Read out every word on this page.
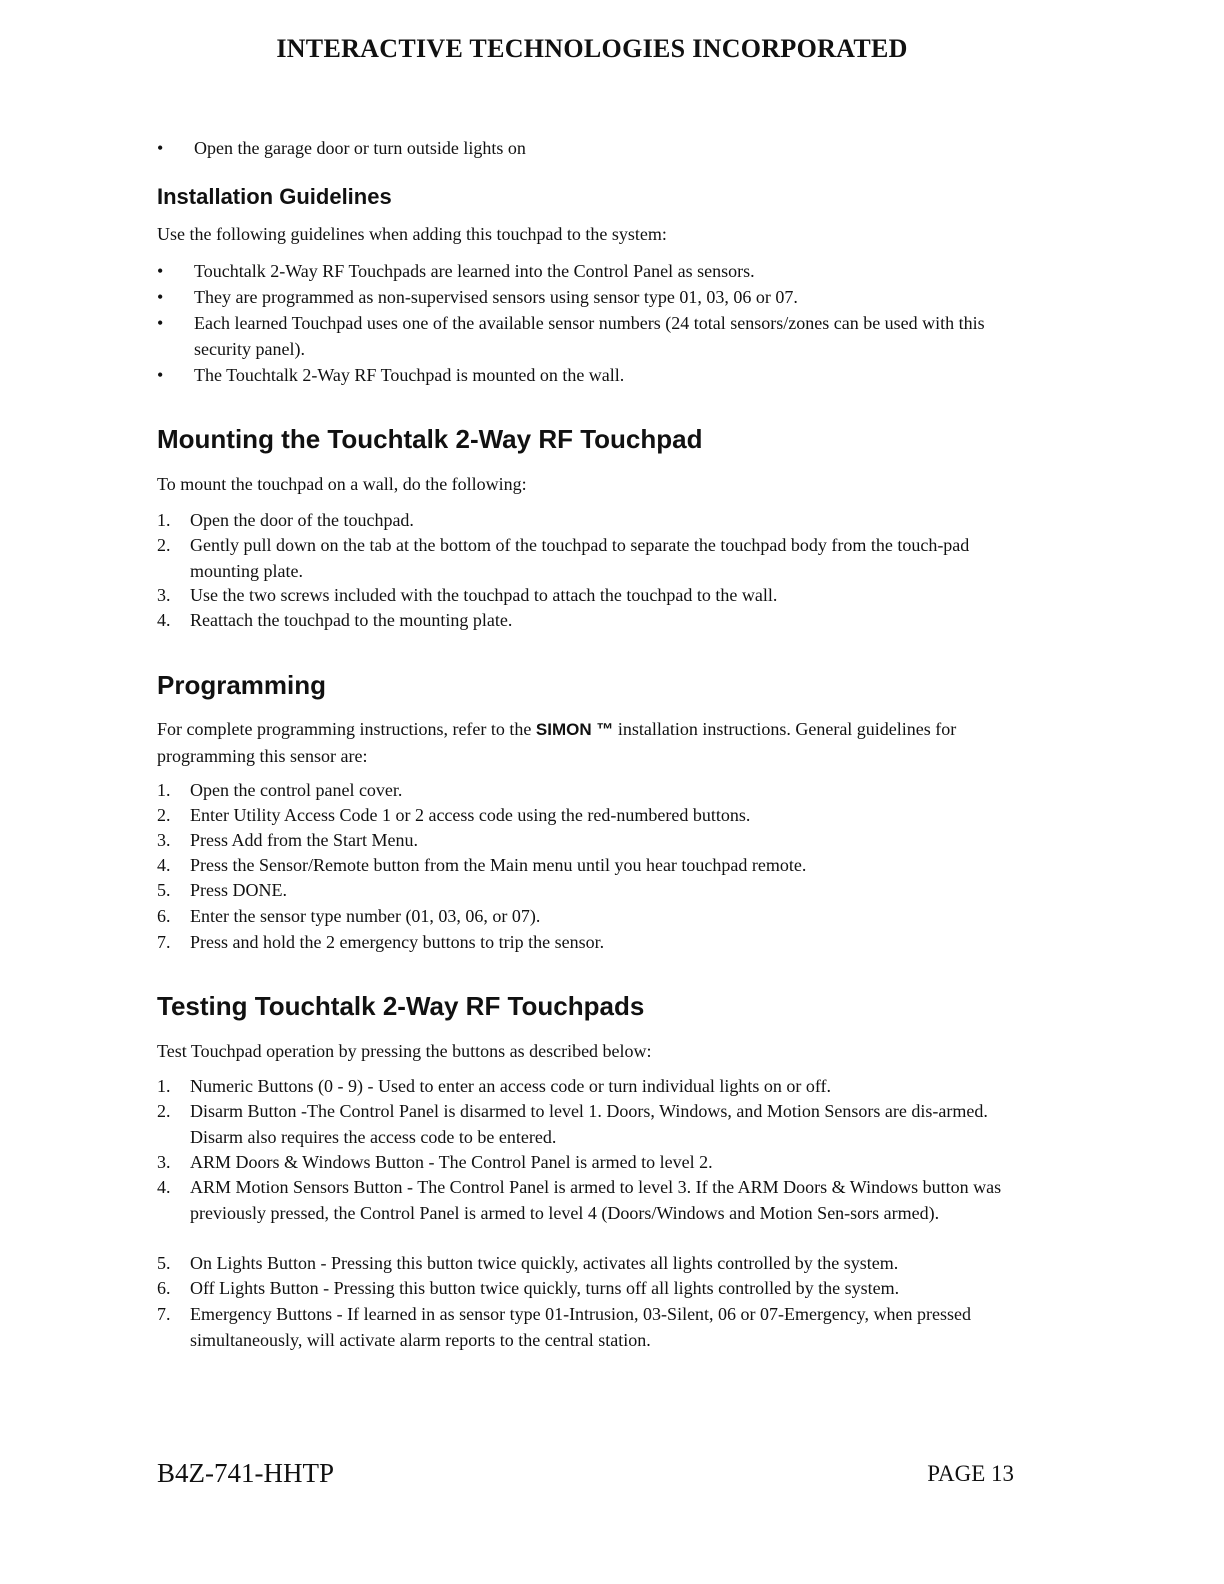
INTERACTIVE TECHNOLOGIES INCORPORATED
•	Open the garage door or turn outside lights on
Installation Guidelines
Use the following guidelines when adding this touchpad to the system:
•	Touchtalk 2-Way RF Touchpads are learned into the Control Panel as sensors.
•	They are programmed as non-supervised sensors using sensor type 01, 03, 06 or 07.
•	Each learned Touchpad uses one of the available sensor numbers (24 total sensors/zones can be used with this security panel).
•	The Touchtalk 2-Way RF Touchpad is mounted on the wall.
Mounting the Touchtalk 2-Way RF Touchpad
To mount the touchpad on a wall, do the following:
1.	Open the door of the touchpad.
2.	Gently pull down on the tab at the bottom of the touchpad to separate the touchpad body from the touch-pad mounting plate.
3.	Use the two screws included with the touchpad to attach the touchpad to the wall.
4.	Reattach the touchpad to the mounting plate.
Programming
For complete programming instructions, refer to the SIMON ™ installation instructions. General guidelines for programming this sensor are:
1.	Open the control panel cover.
2.	Enter Utility Access Code 1 or 2 access code using the red-numbered buttons.
3.	Press Add from the Start Menu.
4.	Press the Sensor/Remote button from the Main menu until you hear touchpad remote.
5.	Press DONE.
6.	Enter the sensor type number (01, 03, 06, or 07).
7.	Press and hold the 2 emergency buttons to trip the sensor.
Testing Touchtalk 2-Way RF Touchpads
Test Touchpad operation by pressing the buttons as described below:
1.	Numeric Buttons (0 - 9) - Used to enter an access code or turn individual lights on or off.
2.	Disarm Button -The Control Panel is disarmed to level 1. Doors, Windows, and Motion Sensors are dis-armed. Disarm also requires the access code to be entered.
3.	ARM Doors & Windows Button - The Control Panel is armed to level 2.
4.	ARM Motion Sensors Button - The Control Panel is armed to level 3. If the ARM Doors & Windows button was previously pressed, the Control Panel is armed to level 4 (Doors/Windows and Motion Sen-sors armed).
5.	On Lights Button - Pressing this button twice quickly, activates all lights controlled by the system.
6.	Off Lights Button - Pressing this button twice quickly, turns off all lights controlled by the system.
7.	Emergency Buttons - If learned in as sensor type 01-Intrusion, 03-Silent, 06 or 07-Emergency, when pressed simultaneously, will activate alarm reports to the central station.
B4Z-741-HHTP	PAGE 13
